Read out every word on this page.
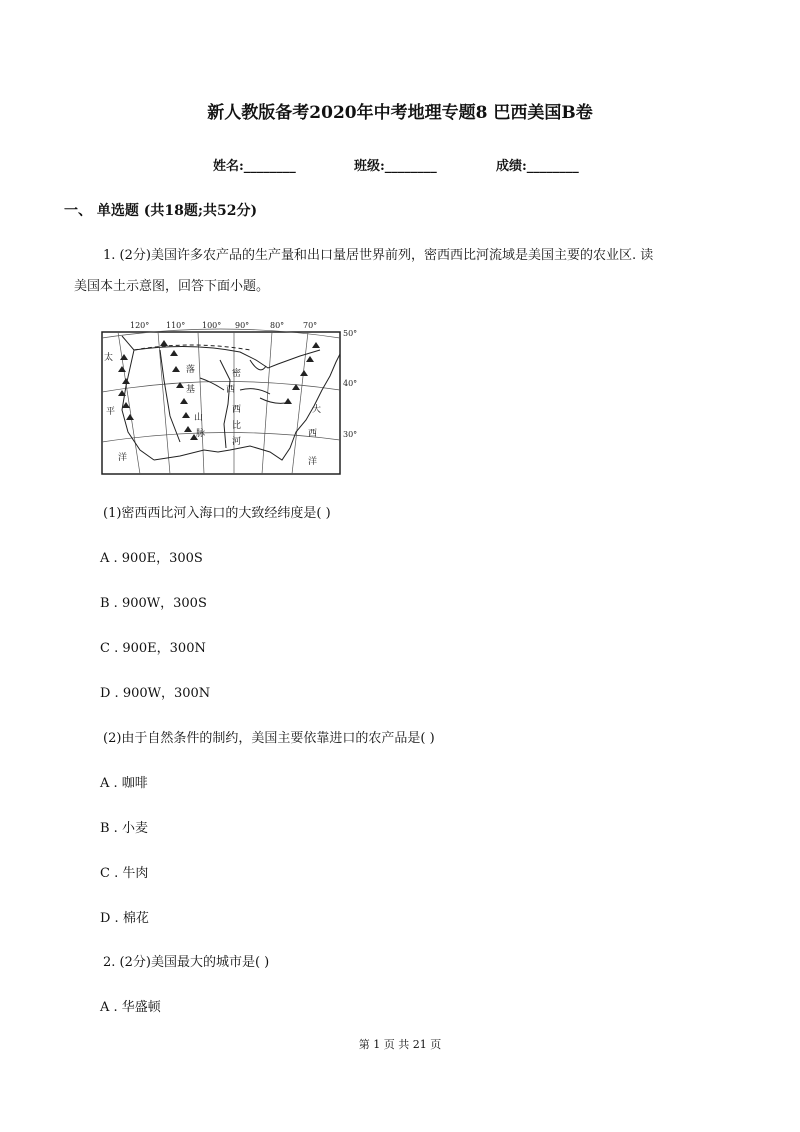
新人教版备考2020年中考地理专题8 巴西美国B卷
姓名:________	班级:________	成绩:________
一、 单选题 (共18题;共52分)
1. (2分)美国许多农产品的生产量和出口量居世界前列，密西西比河流域是美国主要的农业区. 读
美国本土示意图，回答下面小题。
120° 110° 100° 90°	80° 70°
50°
40°
30°
太
平
洋
大
西
洋
落
基
山
脉
密
西
西
比
河
(1)密西西比河入海口的大致经纬度是( )
A . 900E，300S
B . 900W，300S
C . 900E，300N
D . 900W，300N
(2)由于自然条件的制约，美国主要依靠进口的农产品是( )
A . 咖啡
B . 小麦
C . 牛肉
D . 棉花
2. (2分)美国最大的城市是( )
A . 华盛顿
第 1 页 共 21 页
